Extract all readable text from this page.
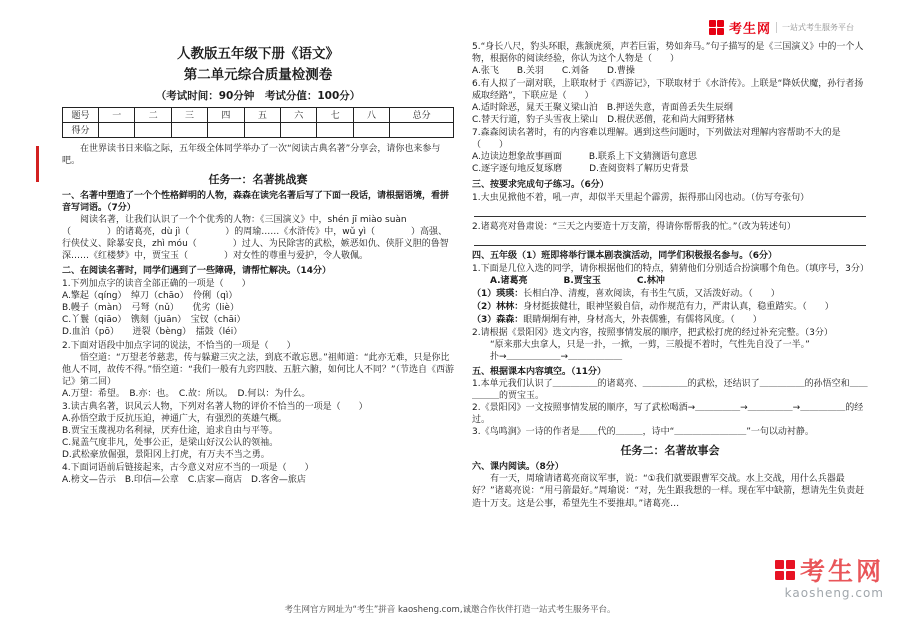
考生网	一站式考生服务平台
人教版五年级下册《语文》
第二单元综合质量检测卷
（考试时间：90分钟　考试分值：100分）
题号	一	二	三	四	五	六	七	八	总分
得分									
在世界读书日来临之际，五年级全体同学举办了一次“阅读古典名著”分享会，请你也来参与吧。
任务一：名著挑战赛
一、名著中塑造了一个个性格鲜明的人物，森森在读完名著后写了下面一段话，请根据语境，看拼音写词语。（7分）
阅读名著，让我们认识了一个个优秀的人物：《三国演义》中，shén jī miào suàn（　　　　）的诸葛亮，dù jì（　　　　）的周瑜……《水浒传》中，wǔ yì（　　　　）高强、行侠仗义、除暴安良，zhì móu（　　　　）过人、为民除害的武松，嫉恶如仇、侠肝义胆的鲁智深……《红楼梦》中，贾宝玉（　　　　）对女性的尊重与爱护，令人敬佩。
二、在阅读名著时，同学们遇到了一些障碍，请帮忙解决。（14分）
1.下列加点字的读音全部正确的一项是（　　）
A.擎起（qíng）　绰刀（chāo）　伶俐（qì）
B.幔子（màn）　弓弩（nǔ）　　优劣（liè）
C.丫鬟（qiāo）　镌刻（juān）　宝钗（chāi）
D.血泊（pō）　　迸裂（bèng）　擂鼓（léi）
2.下面对语段中加点字词的说法，不恰当的一项是（　　）
悟空道：“万望老爷慈悲，传与躲避三灾之法，到底不敢忘恩。”祖师道：“此亦无难，只是你比他人不同，故传不得。”悟空道：“我们一般有九窍四肢、五脏六腑，如何比人不同？”（节选自《西游记》第二回）
A.万望：希望。　B.亦：也。　C.故：所以。　D.何以：为什么。
3.读古典名著，识风云人物，下列对名著人物的评价不恰当的一项是（　　）
A.孙悟空敢于反抗压迫，神通广大，有强烈的英雄气概。
B.贾宝玉蔑视功名利禄，厌弃仕途，追求自由与平等。
C.晁盖气度非凡，处事公正，是梁山好汉公认的领袖。
D.武松豪放倔强，景阳冈上打虎，有万夫不当之勇。
4.下面词语前后链接起来，古今意义对应不当的一项是（　　）
A.榜文—告示　B.印信—公章　C.店家—商店　D.客舍—旅店
5.“身长八尺，豹头环眼，燕颔虎须，声若巨雷，势如奔马。”句子描写的是《三国演义》中的一个人物，根据你的阅读经验，你认为这个人物是（　　）
A.张飞　　B.关羽　　C.刘备　　D.曹操
6.有人拟了一副对联，上联取材于《西游记》，下联取材于《水浒传》。上联是“降妖伏魔，孙行者扬威取经路”，下联应是（　　）
A.适时除恶，晁天王聚义梁山泊　B.押送失意，青面兽丢失生辰纲
C.替天行道，豹子头雪夜上梁山　D.棍伏恶僧，花和尚大闹野猪林
7.森森阅读名著时，有的内容难以理解。遇到这些问题时，下列做法对理解内容帮助不大的是（　　）
A.边读边想象故事画面　　　B.联系上下文猜测语句意思
C.逐字逐句地反复琢磨　　　D.查阅资料了解历史背景
三、按要求完成句子练习。（6分）
1.大虫见掀他不着，吼一声，却似半天里起个霹雳，振得那山冈也动。（仿写夸张句）
2.诸葛亮对鲁肃说：“三天之内要造十万支箭，得请你帮帮我的忙。”（改为转述句）
四、五年级（1）班即将举行课本剧表演活动，同学们积极报名参与。（6分）
1.下面是几位入选的同学，请你根据他们的特点，猜猜他们分别适合扮演哪个角色。（填序号，3分）
A.诸葛亮　　　　B.贾宝玉　　　　C.林冲
（1）瑛瑛：长相白净、清瘦，喜欢阅读，有书生气质，又活泼好动。（　　）
（2）林林：身材挺拔健壮，眼神坚毅自信，动作规范有力，严肃认真，稳重踏实。（　　）
（3）森森：眼睛炯炯有神，身材高大，外表儒雅，有儒将风度。（　　）
2.请根据《景阳冈》选文内容，按照事情发展的顺序，把武松打虎的经过补充完整。（3分）
“原来那大虫拿人，只是一扑，一掀，一剪，三般提不着时，气性先自没了一半。”
扑→＿＿＿＿＿＿→＿＿＿＿＿＿
五、根据课本内容填空。（11分）
1.本单元我们认识了＿＿＿＿＿的诸葛亮、＿＿＿＿＿的武松，还结识了＿＿＿＿＿的孙悟空和＿＿＿＿＿的贾宝玉。
2.《景阳冈》一文按照事情发展的顺序，写了武松喝酒→＿＿＿＿＿→＿＿＿＿＿→＿＿＿＿＿的经过。
3.《鸟鸣涧》一诗的作者是＿＿代的＿＿＿，诗中“＿＿＿＿＿＿＿＿”一句以动衬静。
任务二：名著故事会
六、课内阅读。（8分）
有一天，周瑜请诸葛亮商议军事，说：“①我们就要跟曹军交战。水上交战，用什么兵器最好？”诸葛亮说：“用弓箭最好。”周瑜说：“对，先生跟我想的一样。现在军中缺箭，想请先生负责赶造十万支。这是公事，希望先生不要推却。”诸葛亮…
考生网官方网址为“考生”拼音 kaosheng.com,诚邀合作伙伴打造一站式考生服务平台。
考生网
kaosheng.com
